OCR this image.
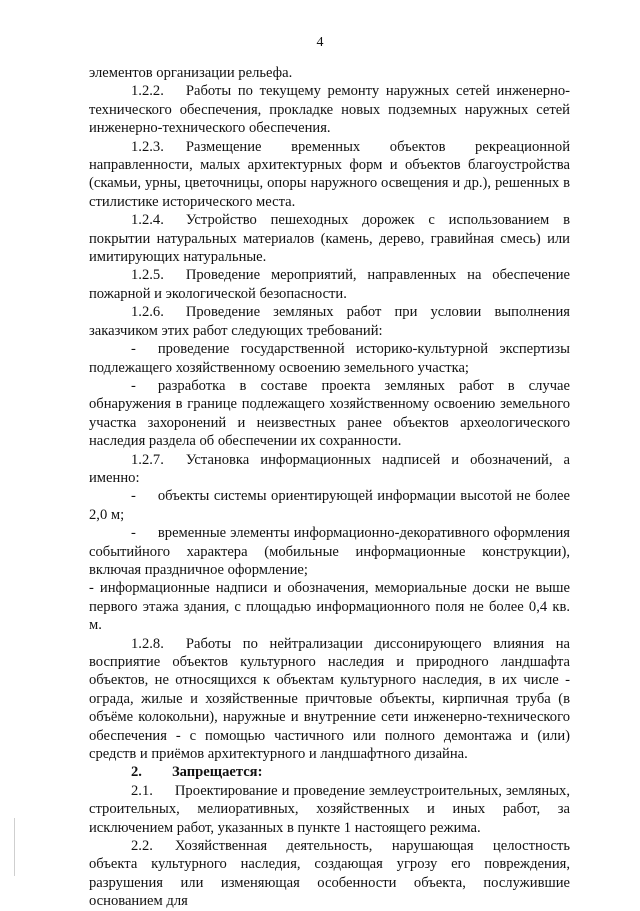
4

элементов организации рельефа.

1.2.2. Работы по текущему ремонту наружных сетей инженерно-технического обеспечения, прокладке новых подземных наружных сетей инженерно-технического обеспечения.

1.2.3. Размещение временных объектов рекреационной направленности, малых архитектурных форм и объектов благоустройства (скамьи, урны, цветочницы, опоры наружного освещения и др.), решенных в стилистике исторического места.

1.2.4. Устройство пешеходных дорожек с использованием в покрытии натуральных материалов (камень, дерево, гравийная смесь) или имитирующих натуральные.

1.2.5. Проведение мероприятий, направленных на обеспечение пожарной и экологической безопасности.

1.2.6. Проведение земляных работ при условии выполнения заказчиком этих работ следующих требований:

- проведение государственной историко-культурной экспертизы подлежащего хозяйственному освоению земельного участка;

- разработка в составе проекта земляных работ в случае обнаружения в границе подлежащего хозяйственному освоению земельного участка захоронений и неизвестных ранее объектов археологического наследия раздела об обеспечении их сохранности.

1.2.7. Установка информационных надписей и обозначений, а именно:

- объекты системы ориентирующей информации высотой не более 2,0 м;

- временные элементы информационно-декоративного оформления событийного характера (мобильные информационные конструкции), включая праздничное оформление;

- информационные надписи и обозначения, мемориальные доски не выше первого этажа здания, с площадью информационного поля не более 0,4 кв. м.

1.2.8. Работы по нейтрализации диссонирующего влияния на восприятие объектов культурного наследия и природного ландшафта объектов, не относящихся к объектам культурного наследия, в их числе - ограда, жилые и хозяйственные причтовые объекты, кирпичная труба (в объёме колокольни), наружные и внутренние сети инженерно-технического обеспечения - с помощью частичного или полного демонтажа и (или) средств и приёмов архитектурного и ландшафтного дизайна.

2. Запрещается:

2.1. Проектирование и проведение землеустроительных, земляных, строительных, мелиоративных, хозяйственных и иных работ, за исключением работ, указанных в пункте 1 настоящего режима.

2.2. Хозяйственная деятельность, нарушающая целостность объекта культурного наследия, создающая угрозу его повреждения, разрушения или изменяющая особенности объекта, послужившие основанием для
